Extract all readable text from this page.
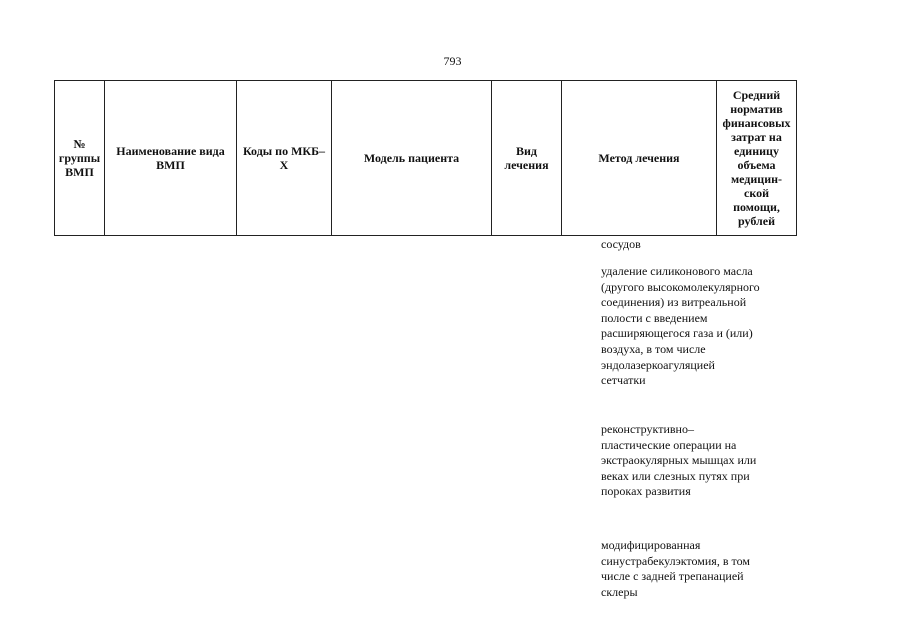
793
№ группы ВМП	Наименование вида ВМП	Коды по МКБ–Х	Модель пациента	Вид лечения	Метод лечения	Средний норматив финансовых затрат на единицу объема медицин-ской помощи, рублей
сосудов
удаление силиконового масла (другого высокомолекулярного соединения) из витреальной полости с введением расширяющегося газа и (или) воздуха, в том числе эндолазеркоагуляцией сетчатки
реконструктивно–пластические операции на экстраокулярных мышцах или веках или слезных путях при пороках развития
модифицированная синустрабекулэктомия, в том числе с задней трепанацией склеры
